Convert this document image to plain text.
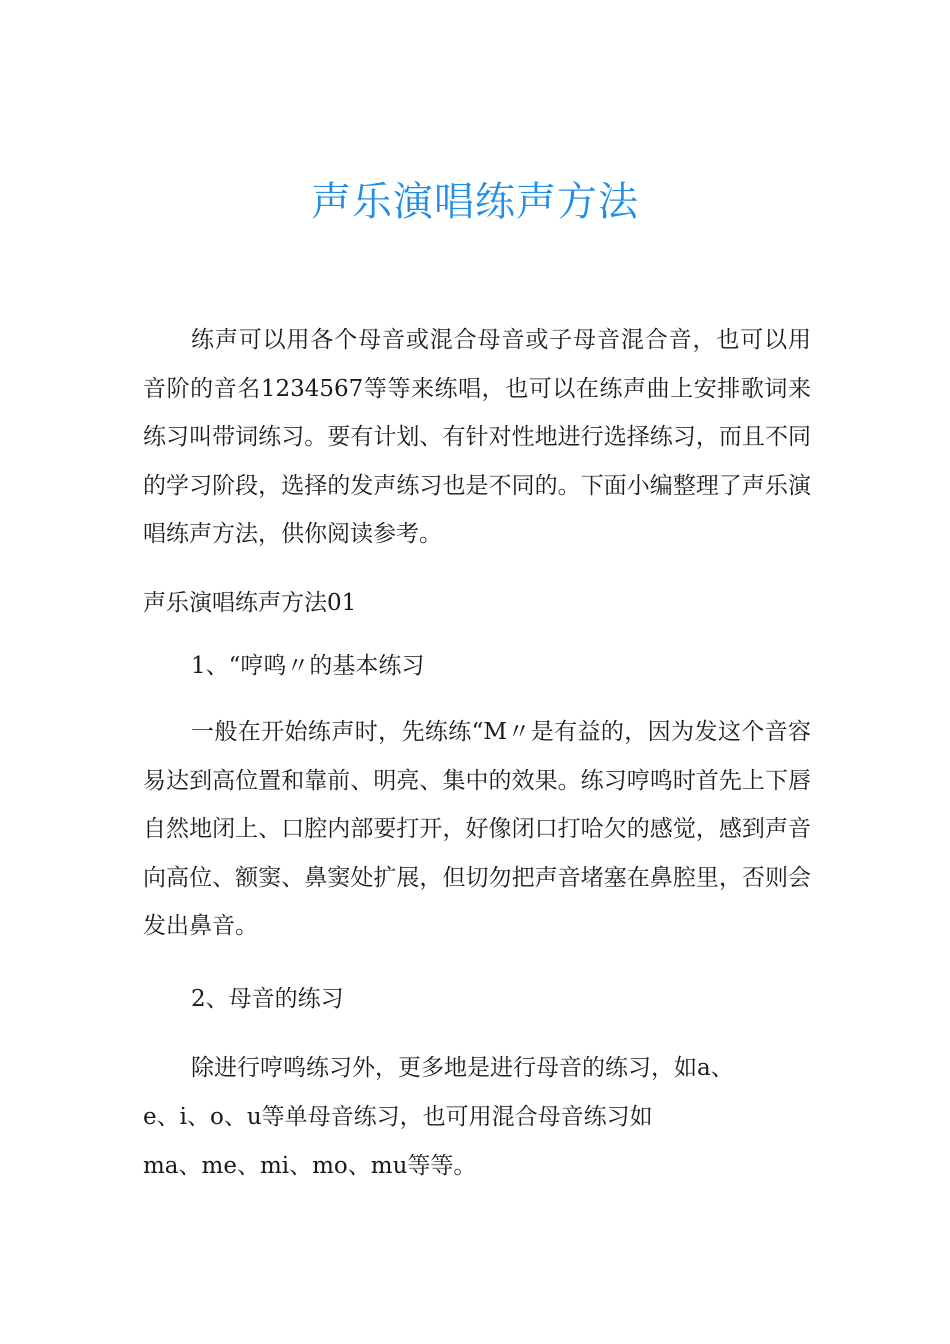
声乐演唱练声方法

练声可以用各个母音或混合母音或子母音混合音，也可以用音阶的音名1234567等等来练唱，也可以在练声曲上安排歌词来练习叫带词练习。要有计划、有针对性地进行选择练习，而且不同的学习阶段，选择的发声练习也是不同的。下面小编整理了声乐演唱练声方法，供你阅读参考。

声乐演唱练声方法01

1、“哼鸣〃的基本练习

一般在开始练声时，先练练“M〃是有益的，因为发这个音容易达到高位置和靠前、明亮、集中的效果。练习哼鸣时首先上下唇自然地闭上、口腔内部要打开，好像闭口打哈欠的感觉，感到声音向高位、额窦、鼻窦处扩展，但切勿把声音堵塞在鼻腔里，否则会发出鼻音。

2、母音的练习

除进行哼鸣练习外，更多地是进行母音的练习，如a、

e、i、o、u等单母音练习，也可用混合母音练习如

ma、me、mi、mo、mu等等。
